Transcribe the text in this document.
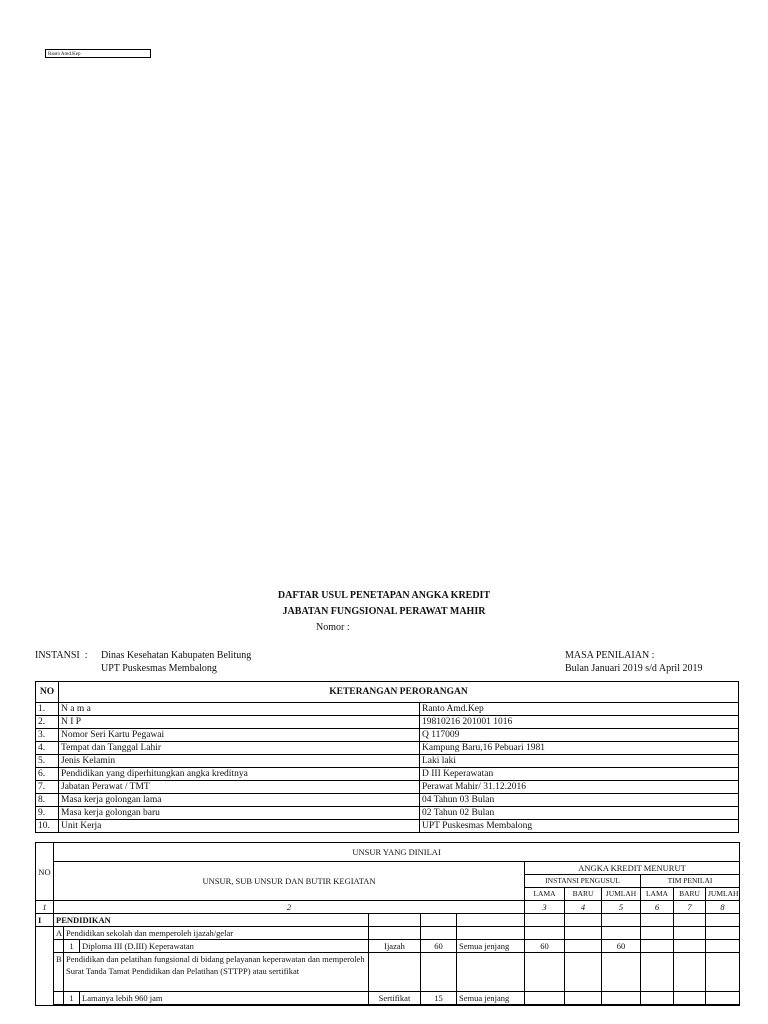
Ranto Amd.Kep
DAFTAR USUL PENETAPAN ANGKA KREDIT
JABATAN FUNGSIONAL PERAWAT MAHIR
Nomor :
INSTANSI : Dinas Kesehatan Kabupaten Belitung
UPT Puskesmas Membalong
MASA PENILAIAN :
Bulan Januari 2019 s/d April 2019
NO	KETERANGAN PERORANGAN	
1.	N a m a	Ranto Amd.Kep
2.	N I P	19810216 201001 1016
3.	Nomor Seri Kartu Pegawai	Q 117009
4.	Tempat dan Tanggal Lahir	Kampung Baru,16 Pebuari 1981
5.	Jenis Kelamin	Laki laki
6.	Pendidikan yang diperhitungkan angka kreditnya	D III Keperawatan
7.	Jabatan Perawat / TMT	Perawat Mahir/ 31.12.2016
8.	Masa kerja golongan lama	04 Tahun 03 Bulan
9.	Masa kerja golongan baru	02 Tahun 02 Bulan
10.	Unit Kerja	UPT Puskesmas Membalong
NO	UNSUR YANG DINILAI											
	UNSUR, SUB UNSUR DAN BUTIR KEGIATAN						ANGKA KREDIT MENURUT					
							INSTANSI PENGUSUL			TIM PENILAI		
							LAMA	BARU	JUMLAH	LAMA	BARU	JUMLAH
1	2						3	4	5	6	7	8
I	PENDIDIKAN											
	A	Pendidikan sekolah dan memperoleh ijazah/gelar										
		1	Diploma III (D.III) Keperawatan	Ijazah	60	Semua jenjang	60		60			
	B	Pendidikan dan pelatihan fungsional di bidang pelayanan keperawatan dan memperoleh Surat Tanda Tamat Pendidikan dan Pelatihan (STTPP) atau sertifikat										
		1	Lamanya lebih 960 jam	Sertifikat	15	Semua jenjang						
